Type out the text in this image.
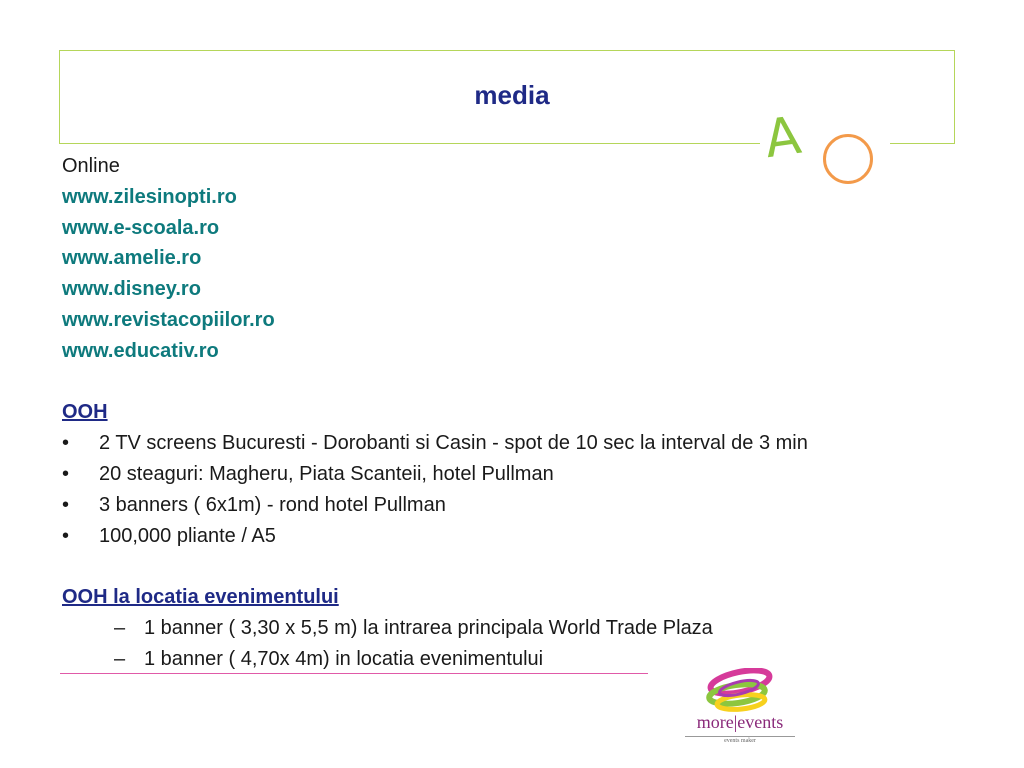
media
A
Online
www.zilesinopti.ro
www.e-scoala.ro
www.amelie.ro
www.disney.ro
www.revistacopiilor.ro
www.educativ.ro
OOH
• 2 TV screens Bucuresti - Dorobanti si Casin - spot de 10 sec la interval de 3 min
• 20 steaguri: Magheru, Piata Scanteii, hotel Pullman
• 3 banners ( 6x1m) - rond hotel Pullman
• 100,000 pliante / A5
OOH la locatia evenimentului
– 1 banner ( 3,30 x 5,5 m) la intrarea principala World Trade Plaza
– 1 banner ( 4,70x 4m) in locatia evenimentului
more|events
events maker
